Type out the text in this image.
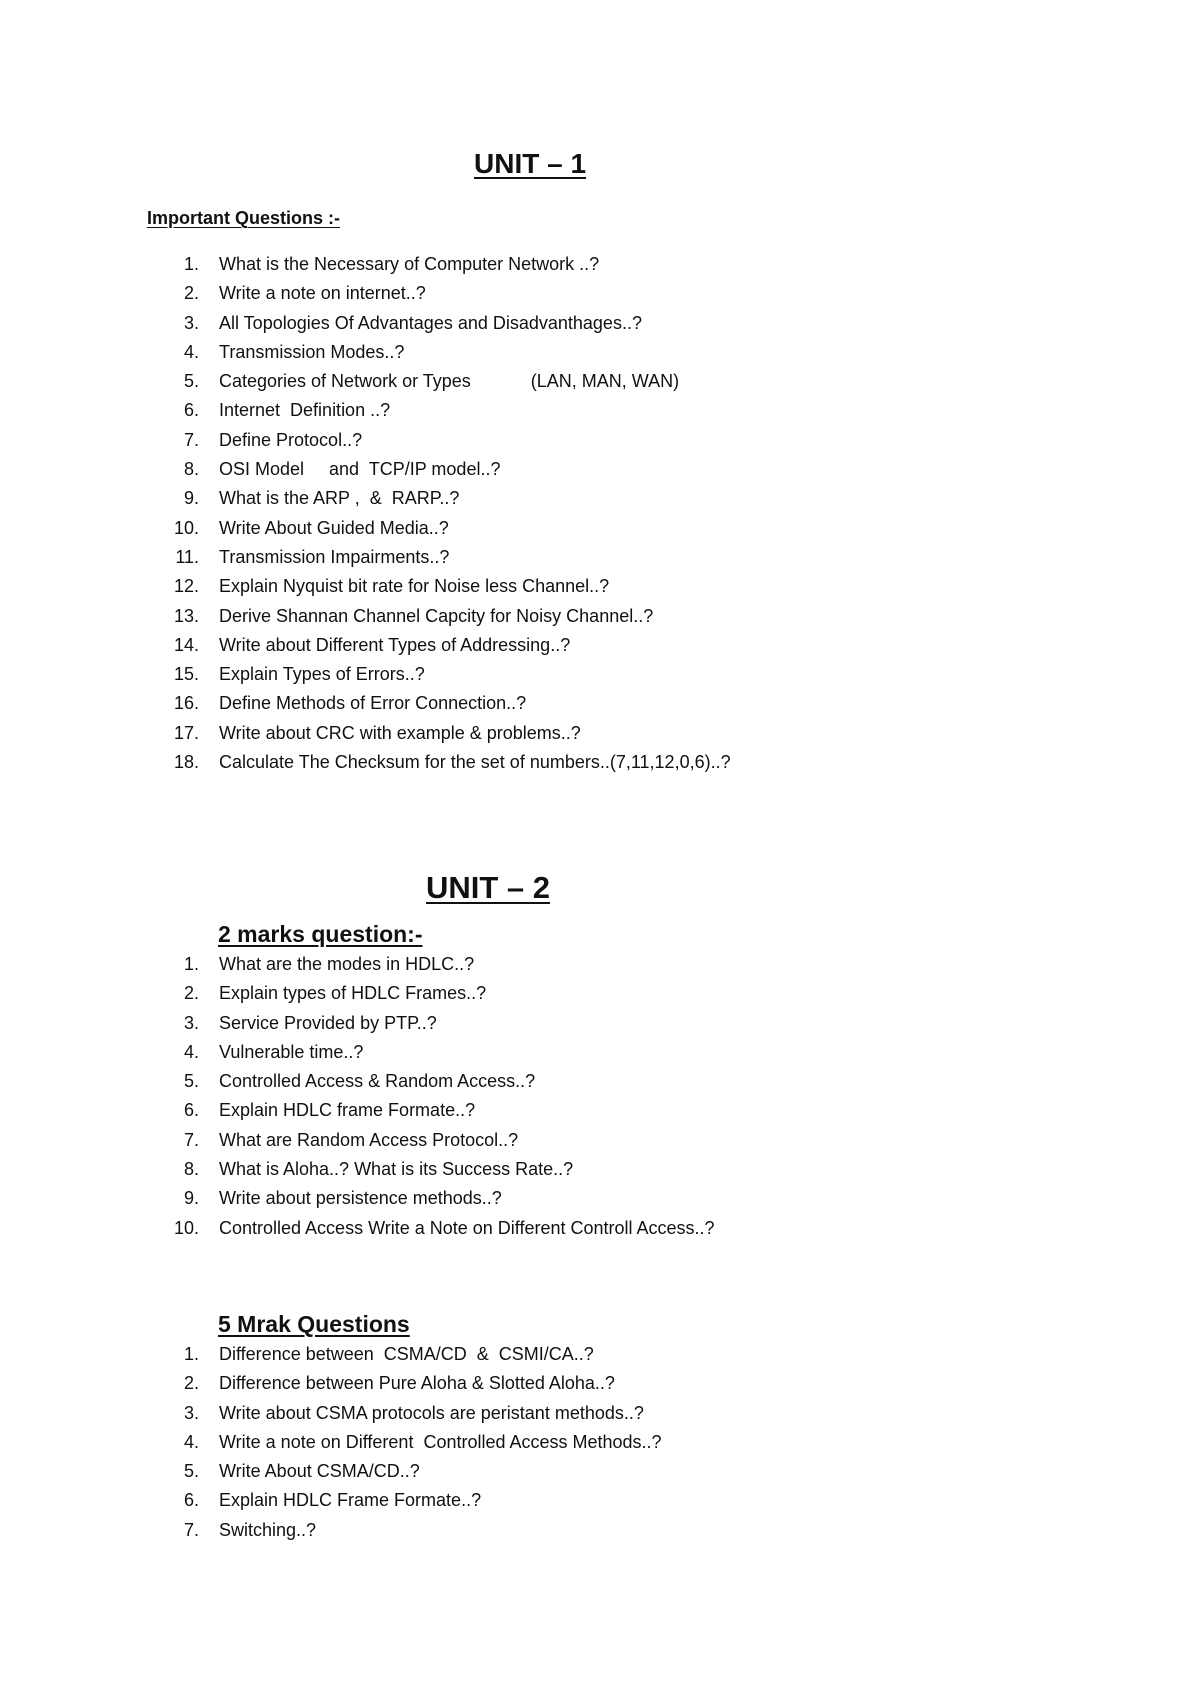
UNIT – 1
Important Questions :-
1. What is the Necessary of Computer Network ..?
2. Write a note on internet..?
3. All Topologies Of Advantages and Disadvanthages..?
4. Transmission Modes..?
5. Categories of Network or Types            (LAN, MAN, WAN)
6. Internet  Definition ..?
7. Define Protocol..?
8. OSI Model     and  TCP/IP model..?
9. What is the ARP ,  &  RARP..?
10. Write About Guided Media..?
11. Transmission Impairments..?
12. Explain Nyquist bit rate for Noise less Channel..?
13. Derive Shannan Channel Capcity for Noisy Channel..?
14. Write about Different Types of Addressing..?
15. Explain Types of Errors..?
16. Define Methods of Error Connection..?
17. Write about CRC with example & problems..?
18. Calculate The Checksum for the set of numbers..(7,11,12,0,6)..?
UNIT – 2
2 marks question:-
1. What are the modes in HDLC..?
2. Explain types of HDLC Frames..?
3. Service Provided by PTP..?
4. Vulnerable time..?
5. Controlled Access & Random Access..?
6. Explain HDLC frame Formate..?
7. What are Random Access Protocol..?
8. What is Aloha..? What is its Success Rate..?
9. Write about persistence methods..?
10. Controlled Access Write a Note on Different Controll Access..?
5 Mrak Questions
1. Difference between  CSMA/CD  &  CSMI/CA..?
2. Difference between Pure Aloha & Slotted Aloha..?
3. Write about CSMA protocols are peristant methods..?
4. Write a note on Different  Controlled Access Methods..?
5. Write About CSMA/CD..?
6. Explain HDLC Frame Formate..?
7. Switching..?
